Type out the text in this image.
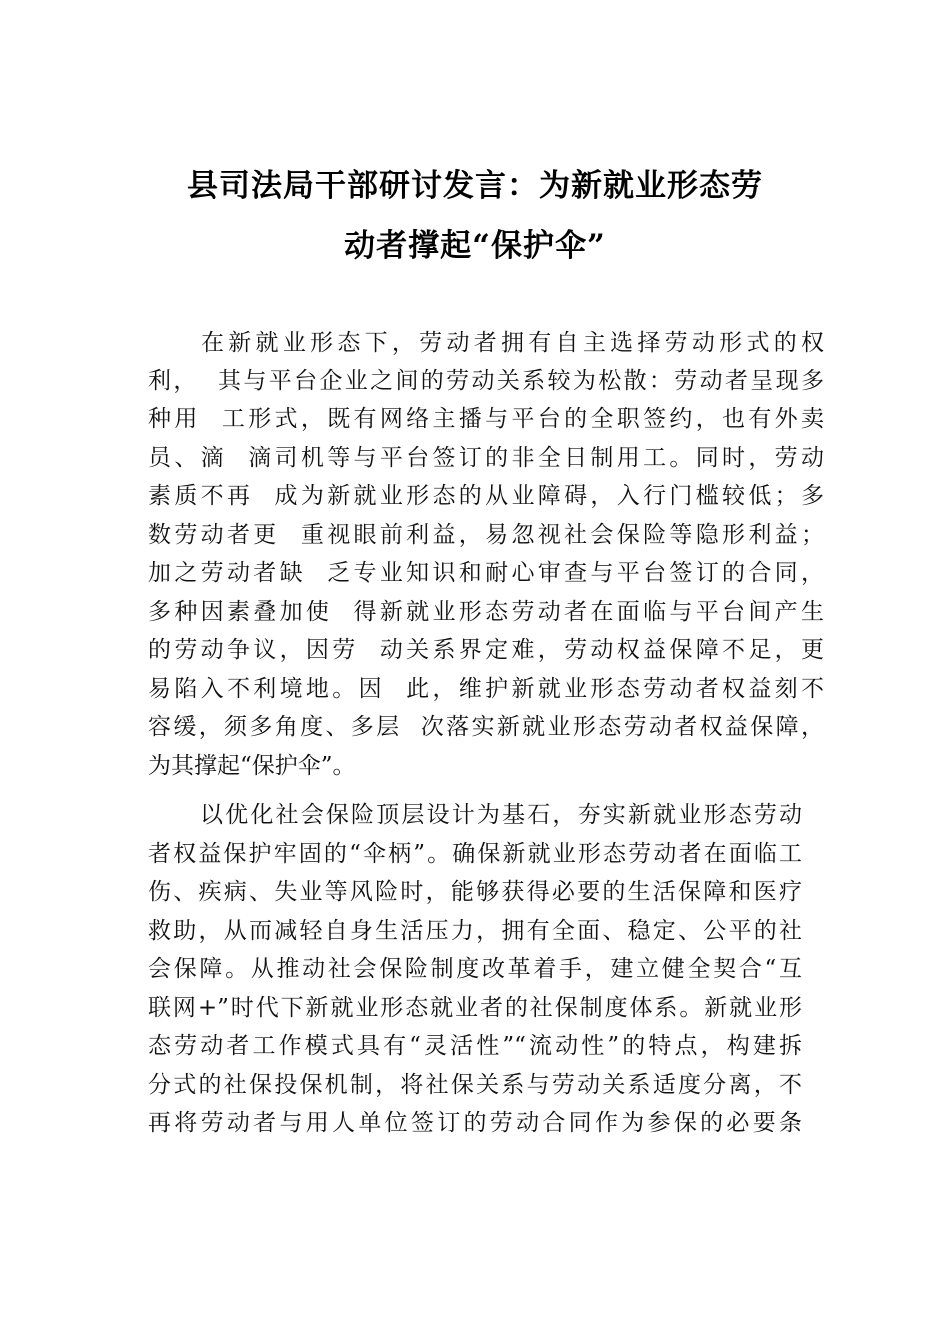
县司法局干部研讨发言：为新就业形态劳
动者撑起“保护伞”
在新就业形态下，劳动者拥有自主选择劳动形式的权
利，  其与平台企业之间的劳动关系较为松散：劳动者呈现多
种用  工形式，既有网络主播与平台的全职签约，也有外卖
员、滴  滴司机等与平台签订的非全日制用工。同时，劳动
素质不再  成为新就业形态的从业障碍，入行门槛较低；多
数劳动者更  重视眼前利益，易忽视社会保险等隐形利益；
加之劳动者缺  乏专业知识和耐心审查与平台签订的合同，
多种因素叠加使  得新就业形态劳动者在面临与平台间产生
的劳动争议，因劳  动关系界定难，劳动权益保障不足，更
易陷入不利境地。因  此，维护新就业形态劳动者权益刻不
容缓，须多角度、多层  次落实新就业形态劳动者权益保障，
为其撑起“保护伞”。
以优化社会保险顶层设计为基石，夯实新就业形态劳动
者权益保护牢固的“伞柄”。确保新就业形态劳动者在面临工
伤、疾病、失业等风险时，能够获得必要的生活保障和医疗
救助，从而减轻自身生活压力，拥有全面、稳定、公平的社
会保障。从推动社会保险制度改革着手，建立健全契合“互
联网+”时代下新就业形态就业者的社保制度体系。新就业形
态劳动者工作模式具有“灵活性”“流动性”的特点，构建拆
分式的社保投保机制，将社保关系与劳动关系适度分离，不
再将劳动者与用人单位签订的劳动合同作为参保的必要条
